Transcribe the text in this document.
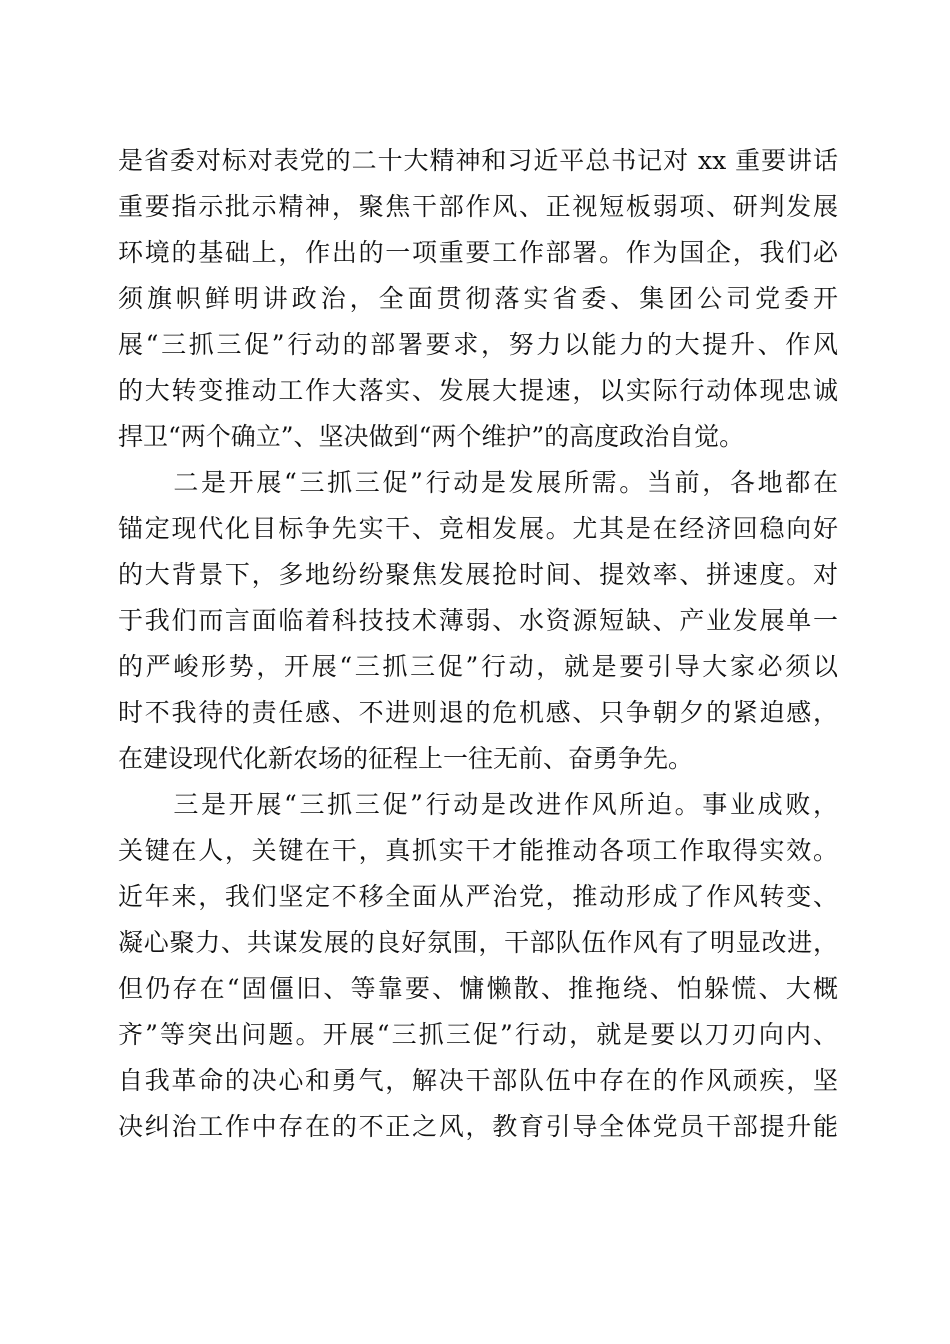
是省委对标对表党的二十大精神和习近平总书记对 xx 重要讲话
重要指示批示精神，聚焦干部作风、正视短板弱项、研判发展
环境的基础上，作出的一项重要工作部署。作为国企，我们必
须旗帜鲜明讲政治，全面贯彻落实省委、集团公司党委开
展“三抓三促”行动的部署要求，努力以能力的大提升、作风
的大转变推动工作大落实、发展大提速，以实际行动体现忠诚
捍卫“两个确立”、坚决做到“两个维护”的高度政治自觉。
　　二是开展“三抓三促”行动是发展所需。当前，各地都在
锚定现代化目标争先实干、竞相发展。尤其是在经济回稳向好
的大背景下，多地纷纷聚焦发展抢时间、提效率、拼速度。对
于我们而言面临着科技技术薄弱、水资源短缺、产业发展单一
的严峻形势，开展“三抓三促”行动，就是要引导大家必须以
时不我待的责任感、不进则退的危机感、只争朝夕的紧迫感，
在建设现代化新农场的征程上一往无前、奋勇争先。
　　三是开展“三抓三促”行动是改进作风所迫。事业成败，
关键在人，关键在干，真抓实干才能推动各项工作取得实效。
近年来，我们坚定不移全面从严治党，推动形成了作风转变、
凝心聚力、共谋发展的良好氛围，干部队伍作风有了明显改进，
但仍存在“固僵旧、等靠要、慵懒散、推拖绕、怕躲慌、大概
齐”等突出问题。开展“三抓三促”行动，就是要以刀刃向内、
自我革命的决心和勇气，解决干部队伍中存在的作风顽疾，坚
决纠治工作中存在的不正之风，教育引导全体党员干部提升能
